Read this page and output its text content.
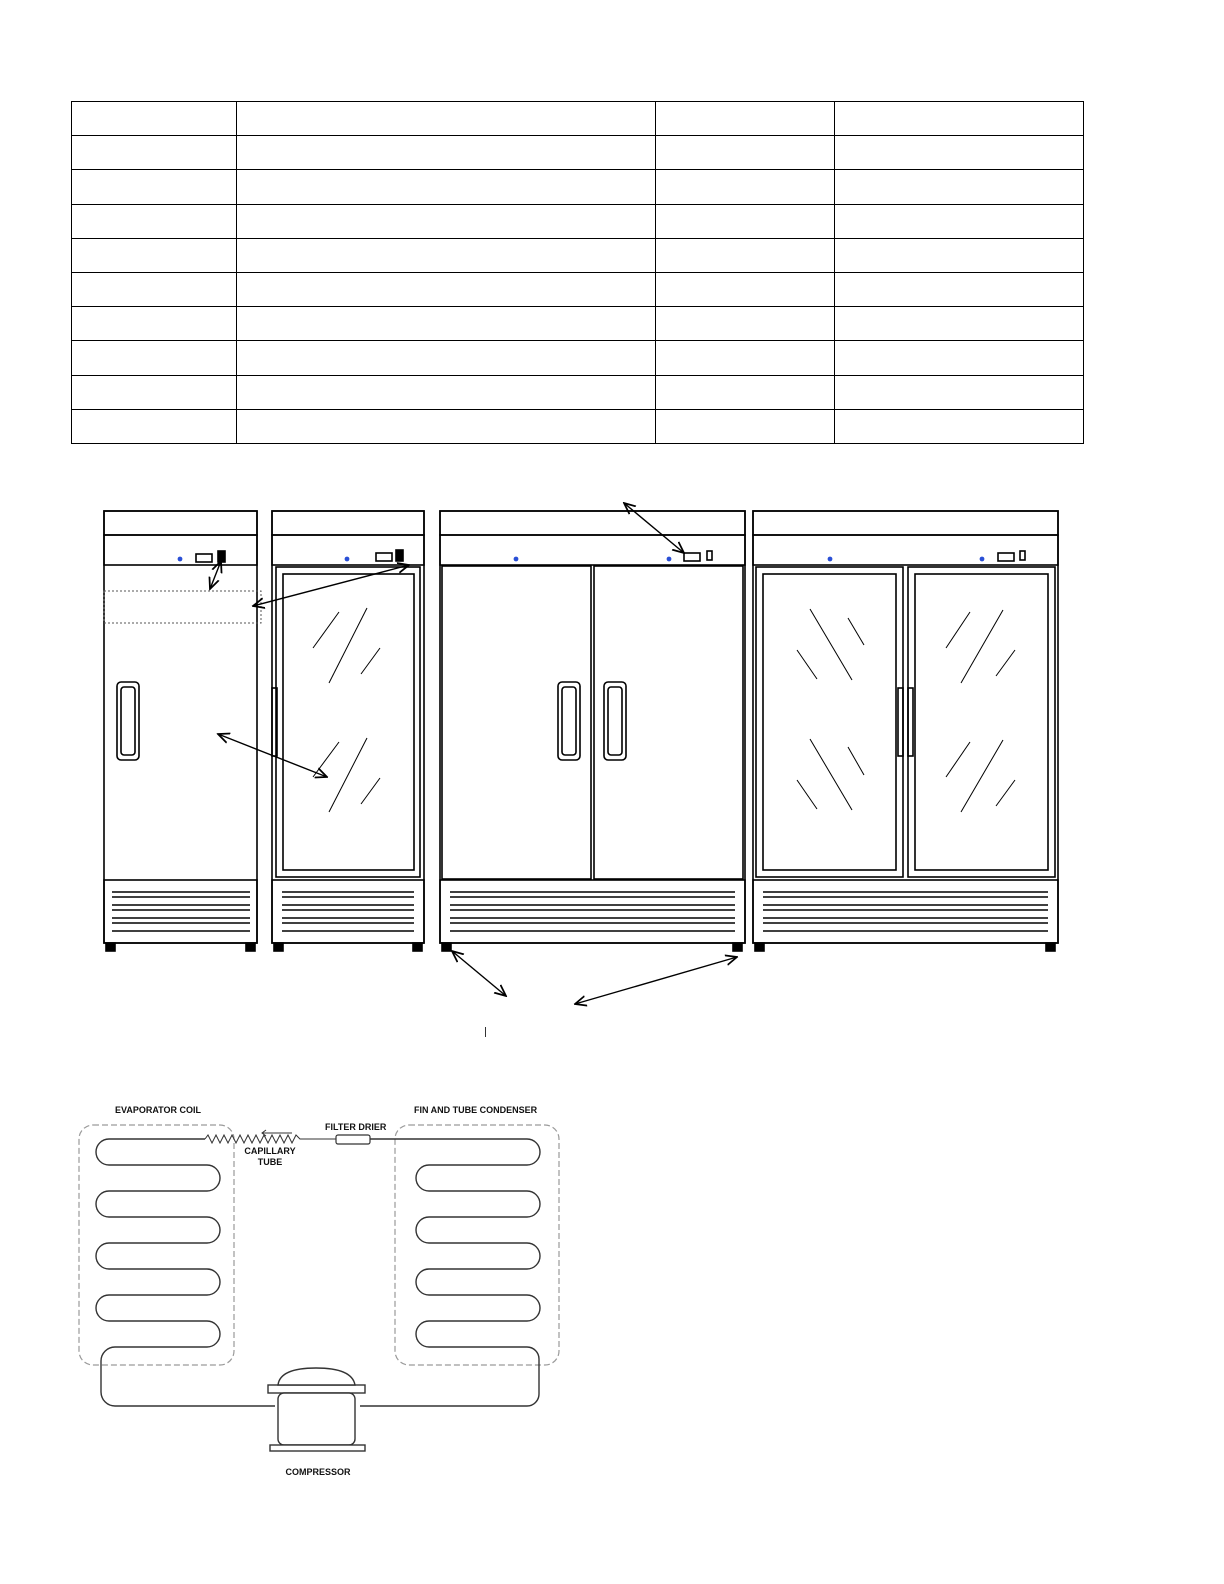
EVAPORATOR COIL	FIN AND TUBE CONDENSER
FILTER DRIER
CAPILLARY
TUBE
COMPRESSOR
